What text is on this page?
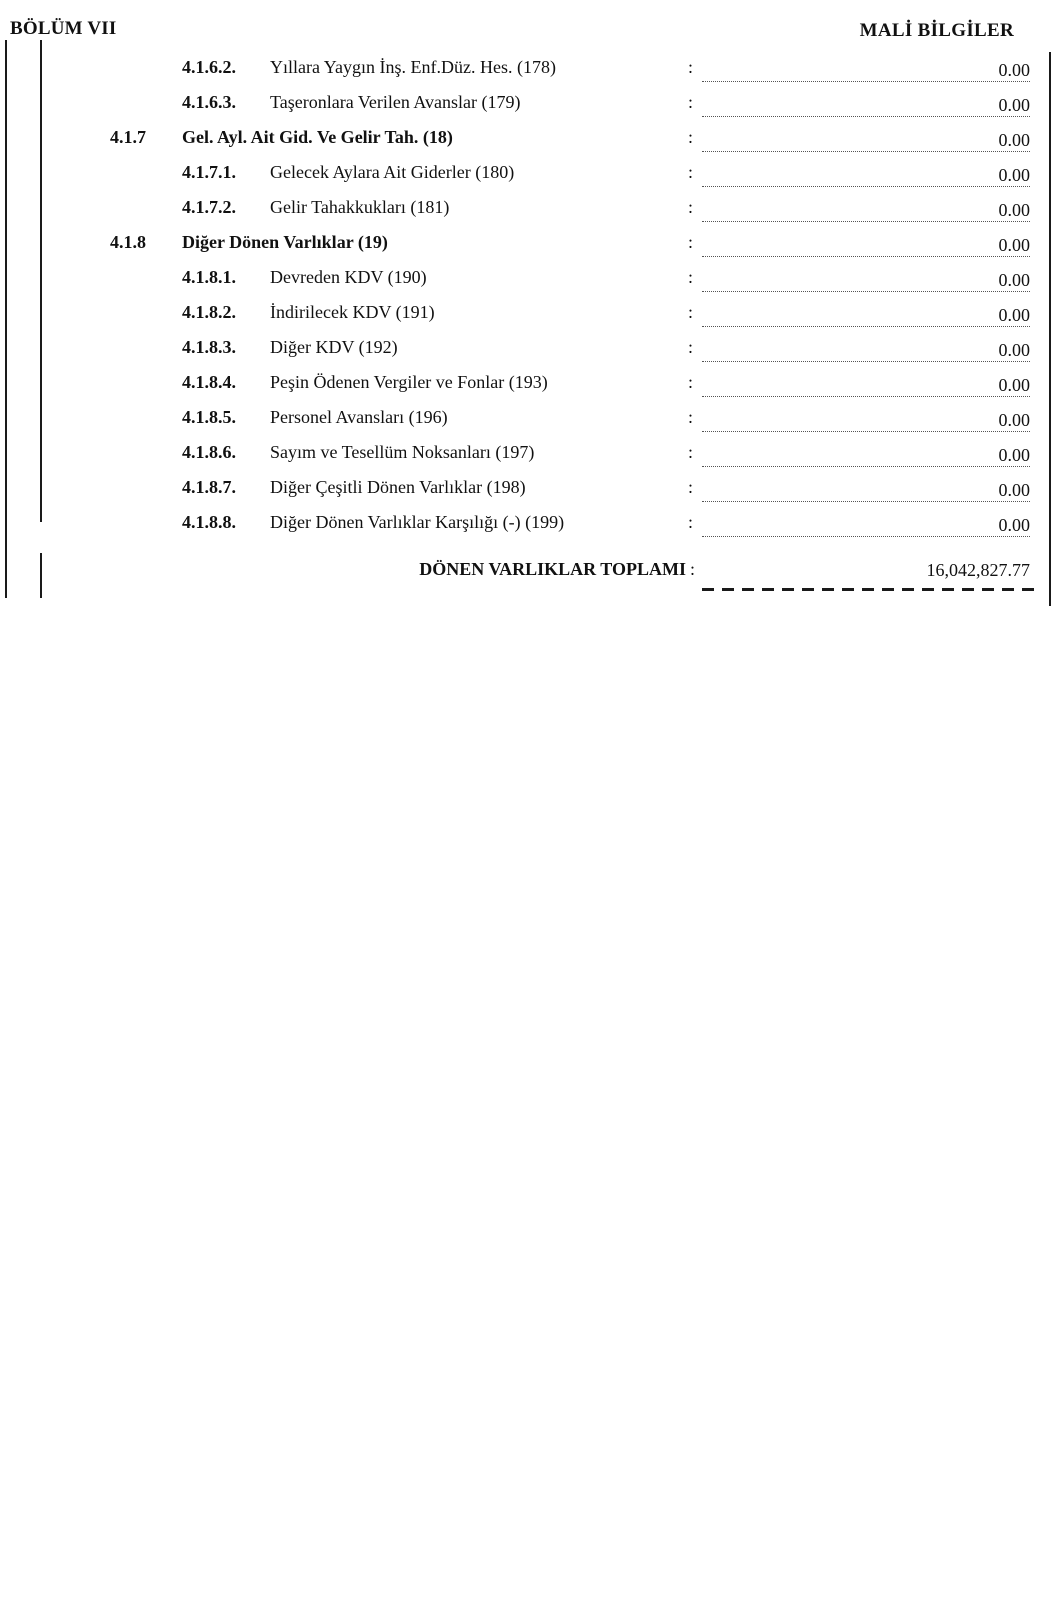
BÖLÜM VII	MALİ BİLGİLER
4.1.6.2. Yıllara Yaygın İnş. Enf.Düz. Hes. (178)	:	0.00
4.1.6.3. Taşeronlara Verilen Avanslar (179)	:	0.00
4.1.7 Gel. Ayl. Ait Gid. Ve Gelir Tah. (18)	:	0.00
4.1.7.1. Gelecek Aylara Ait Giderler (180)	:	0.00
4.1.7.2. Gelir Tahakkukları (181)	:	0.00
4.1.8 Diğer Dönen Varlıklar (19)	:	0.00
4.1.8.1. Devreden KDV (190)	:	0.00
4.1.8.2. İndirilecek KDV (191)	:	0.00
4.1.8.3. Diğer KDV (192)	:	0.00
4.1.8.4. Peşin Ödenen Vergiler ve Fonlar (193)	:	0.00
4.1.8.5. Personel Avansları (196)	:	0.00
4.1.8.6. Sayım ve Tesellüm Noksanları (197)	:	0.00
4.1.8.7. Diğer Çeşitli Dönen Varlıklar (198)	:	0.00
4.1.8.8. Diğer Dönen Varlıklar Karşılığı (-) (199)	:	0.00
DÖNEN VARLIKLAR TOPLAMI :	16,042,827.77
